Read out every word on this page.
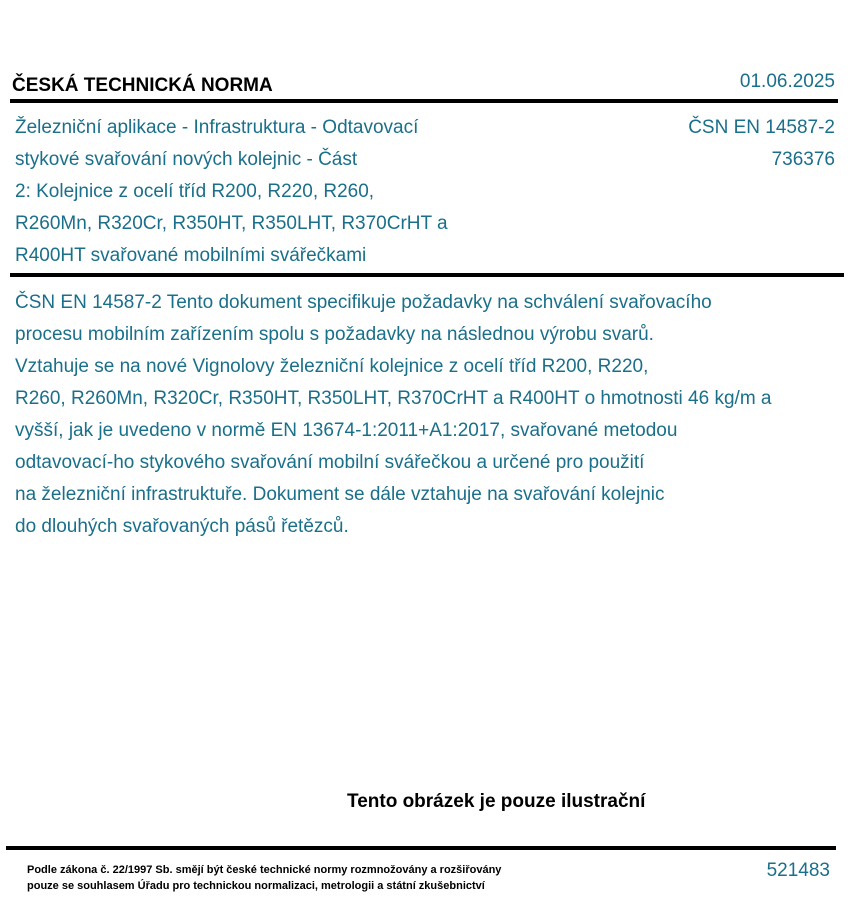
ČESKÁ TECHNICKÁ NORMA	01.06.2025
Železniční aplikace - Infrastruktura - Odtavovací
stykové svařování nových kolejnic - Část
2: Kolejnice z ocelí tříd R200, R220, R260,
R260Mn, R320Cr, R350HT, R350LHT, R370CrHT a
R400HT svařované mobilními svářečkami
ČSN EN 14587-2
736376
ČSN EN 14587-2 Tento dokument specifikuje požadavky na schválení svařovacího
procesu mobilním zařízením spolu s požadavky na následnou výrobu svarů.
Vztahuje se na nové Vignolovy železniční kolejnice z ocelí tříd R200, R220,
R260, R260Mn, R320Cr, R350HT, R350LHT, R370CrHT a R400HT o hmotnosti 46 kg/m a
vyšší, jak je uvedeno v normě EN 13674-1:2011+A1:2017, svařované metodou
odtavovací-ho stykového svařování mobilní svářečkou a určené pro použití
na železniční infrastruktuře. Dokument se dále vztahuje na svařování kolejnic
do dlouhých svařovaných pásů řetězců.
Tento obrázek je pouze ilustrační
Podle zákona č. 22/1997 Sb. smějí být české technické normy rozmnožovány a rozšiřovány
pouze se souhlasem Úřadu pro technickou normalizaci, metrologii a státní zkušebnictví
521483
